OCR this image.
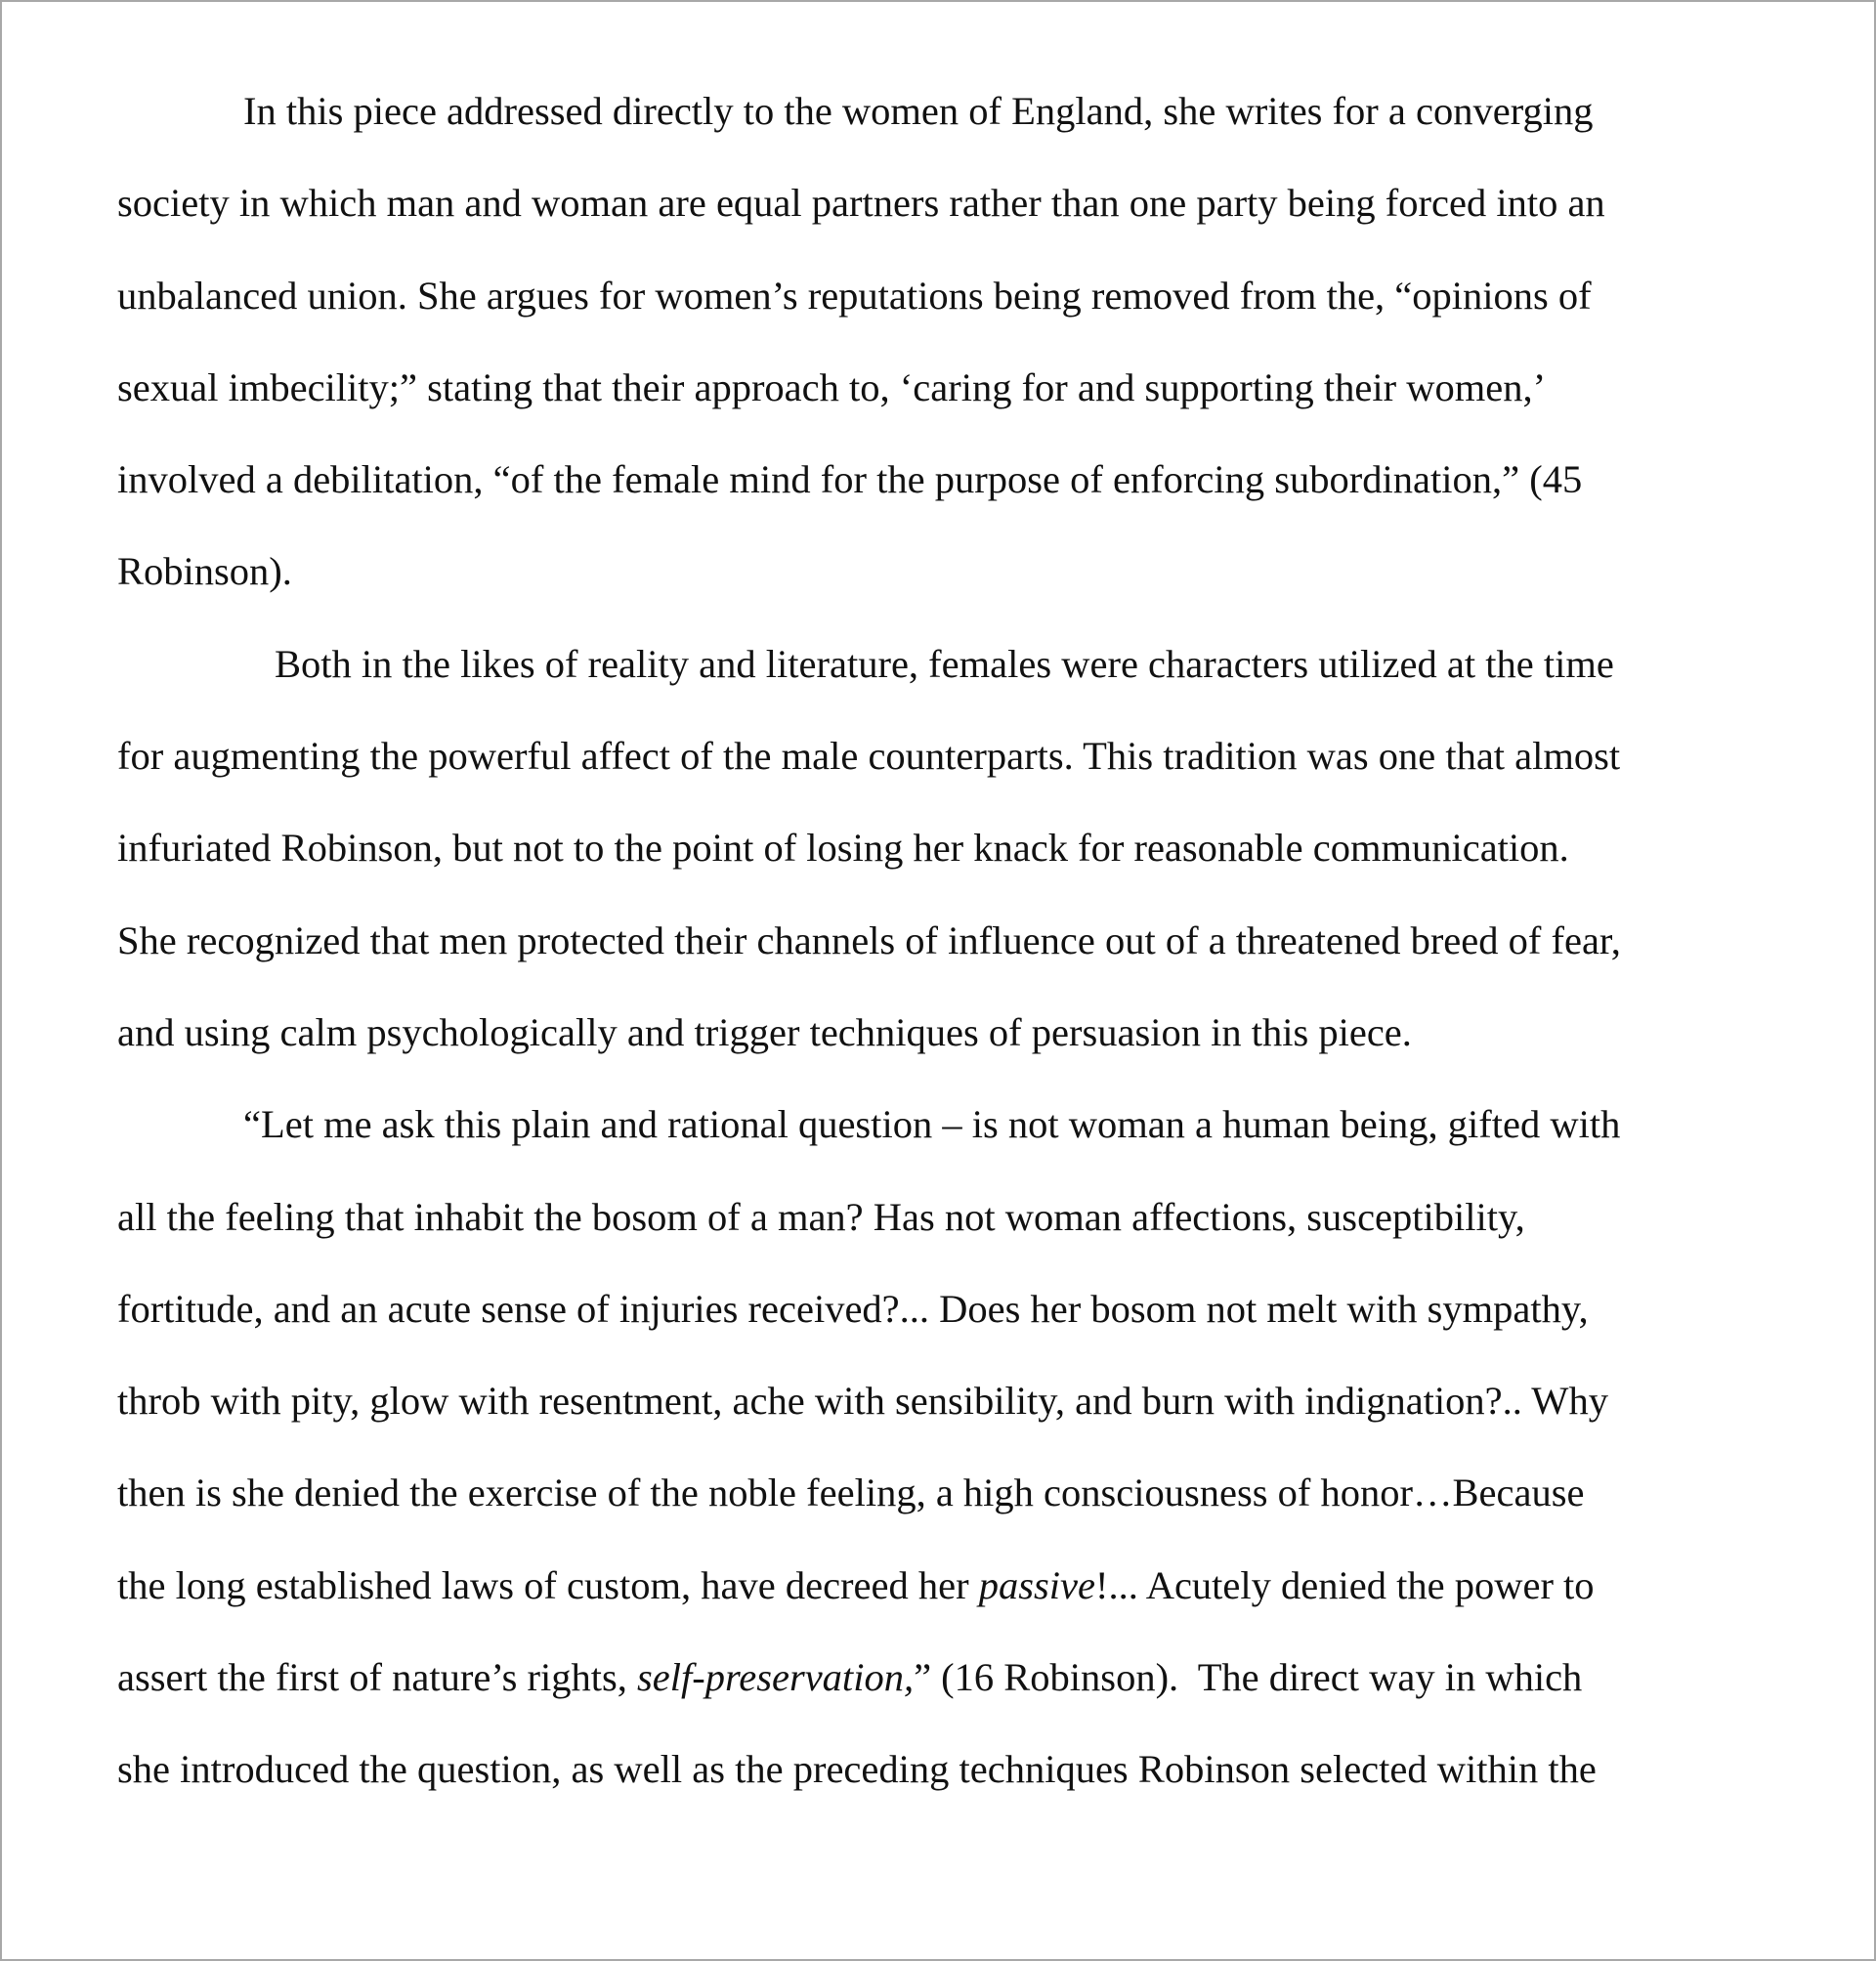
In this piece addressed directly to the women of England, she writes for a converging
society in which man and woman are equal partners rather than one party being forced into an
unbalanced union. She argues for women’s reputations being removed from the, “opinions of
sexual imbecility;” stating that their approach to, ‘caring for and supporting their women,’
involved a debilitation, “of the female mind for the purpose of enforcing subordination,” (45
Robinson).
Both in the likes of reality and literature, females were characters utilized at the time
for augmenting the powerful affect of the male counterparts. This tradition was one that almost
infuriated Robinson, but not to the point of losing her knack for reasonable communication.
She recognized that men protected their channels of influence out of a threatened breed of fear,
and using calm psychologically and trigger techniques of persuasion in this piece.
“Let me ask this plain and rational question – is not woman a human being, gifted with
all the feeling that inhabit the bosom of a man? Has not woman affections, susceptibility,
fortitude, and an acute sense of injuries received?... Does her bosom not melt with sympathy,
throb with pity, glow with resentment, ache with sensibility, and burn with indignation?.. Why
then is she denied the exercise of the noble feeling, a high consciousness of honor…Because
the long established laws of custom, have decreed her passive!... Acutely denied the power to
assert the first of nature’s rights, self-preservation,” (16 Robinson).  The direct way in which
she introduced the question, as well as the preceding techniques Robinson selected within the
